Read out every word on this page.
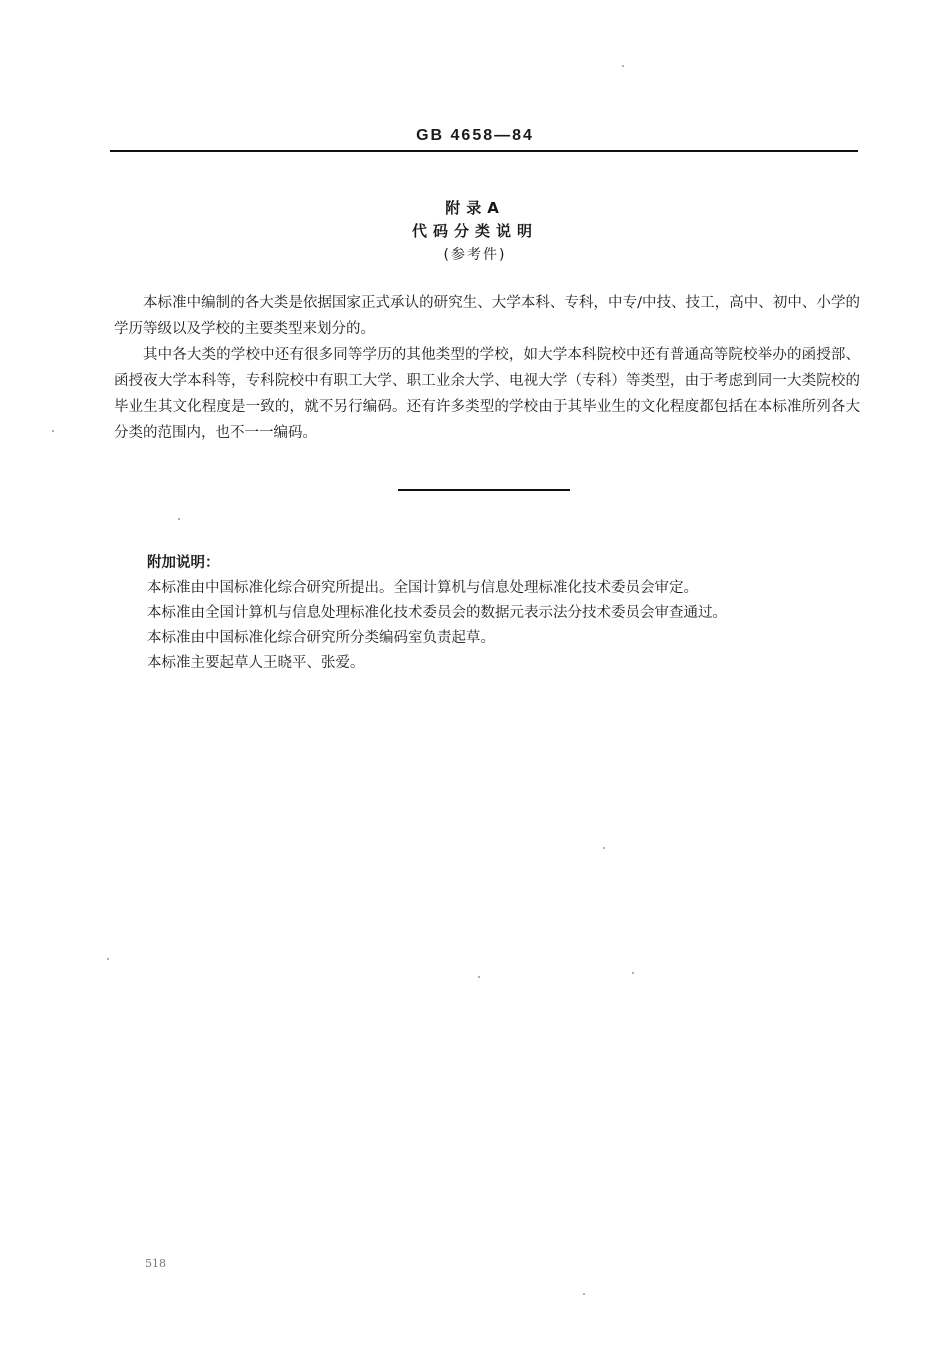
GB 4658—84
附录A
代码分类说明
(参考件)

本标准中编制的各大类是依据国家正式承认的研究生、大学本科、专科，中专/中技、技工，高中、初中、小学的学历等级以及学校的主要类型来划分的。

其中各大类的学校中还有很多同等学历的其他类型的学校，如大学本科院校中还有普通高等院校举办的函授部、函授夜大学本科等，专科院校中有职工大学、职工业余大学、电视大学（专科）等类型，由于考虑到同一大类院校的毕业生其文化程度是一致的，就不另行编码。还有许多类型的学校由于其毕业生的文化程度都包括在本标准所列各大分类的范围内，也不一一编码。

附加说明：
本标准由中国标准化综合研究所提出。全国计算机与信息处理标准化技术委员会审定。
本标准由全国计算机与信息处理标准化技术委员会的数据元表示法分技术委员会审查通过。
本标准由中国标准化综合研究所分类编码室负责起草。
本标准主要起草人王晓平、张爱。
518
